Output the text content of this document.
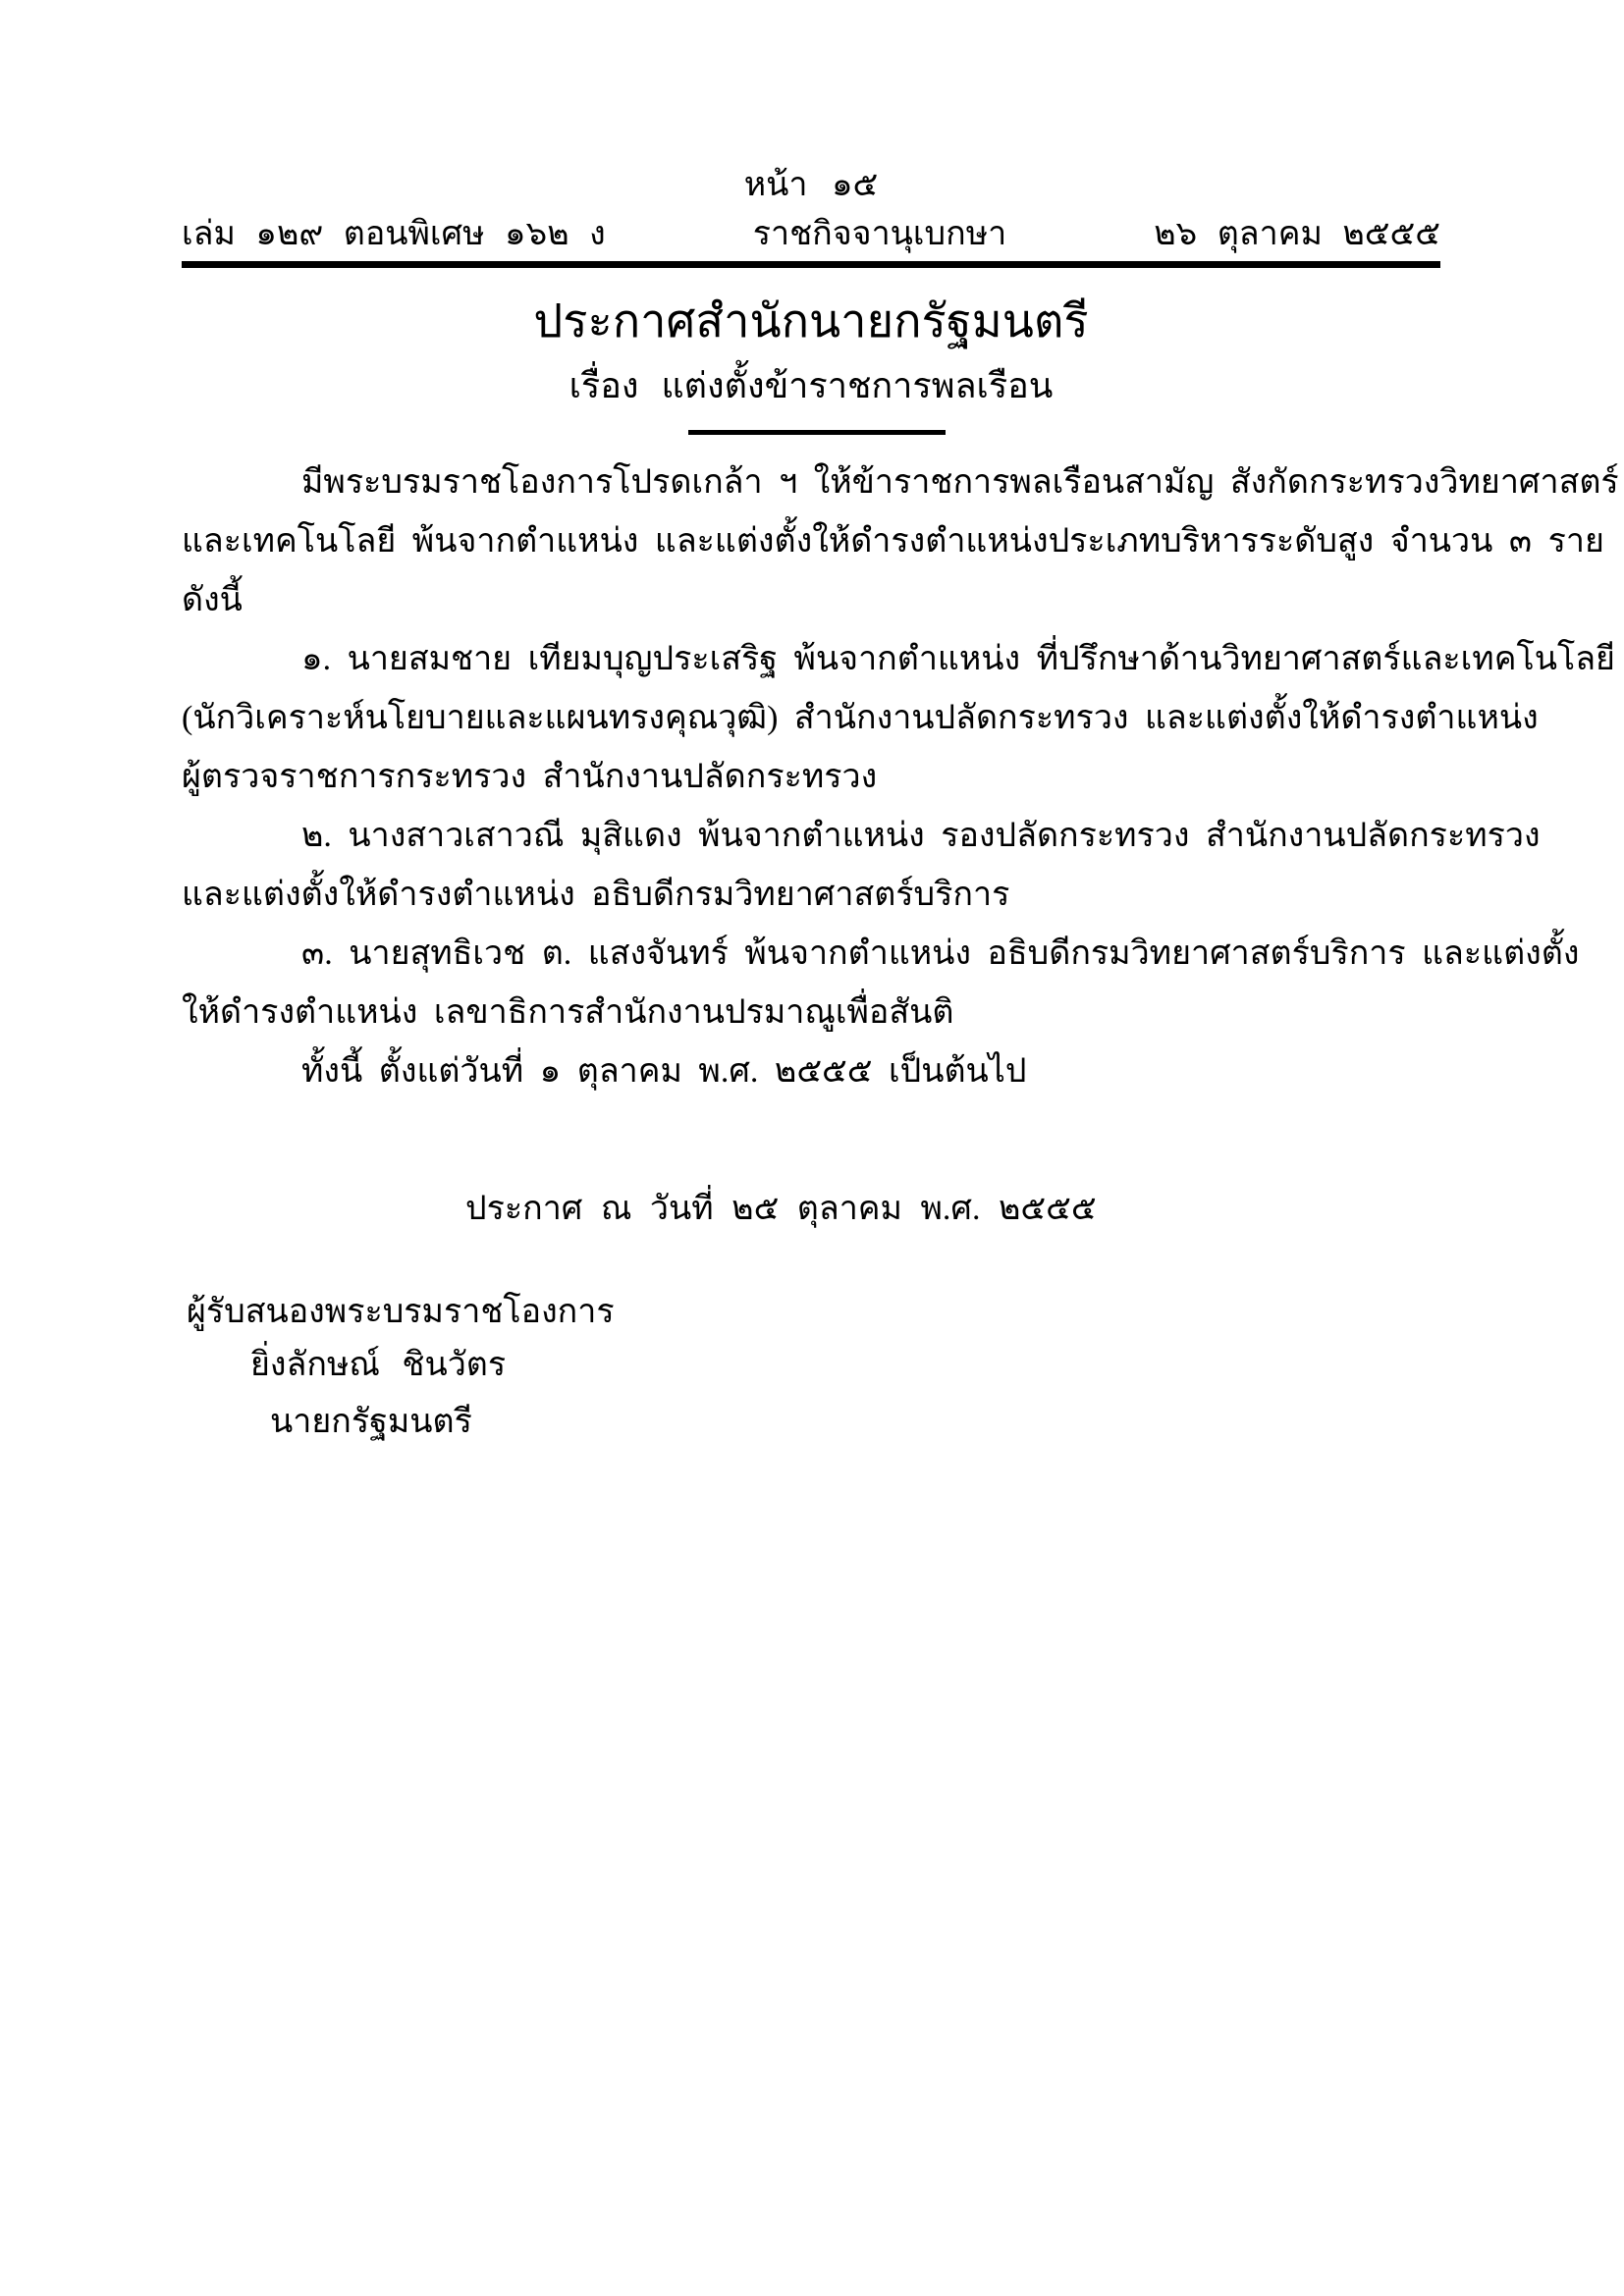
หน้า ๑๕
เล่ม ๑๒๙ ตอนพิเศษ ๑๖๒ ง	ราชกิจจานุเบกษา	๒๖ ตุลาคม ๒๕๕๕
ประกาศสำนักนายกรัฐมนตรี
เรื่อง แต่งตั้งข้าราชการพลเรือน
มีพระบรมราชโองการโปรดเกล้า ฯ ให้ข้าราชการพลเรือนสามัญ สังกัดกระทรวงวิทยาศาสตร์
และเทคโนโลยี พ้นจากตำแหน่ง และแต่งตั้งให้ดำรงตำแหน่งประเภทบริหารระดับสูง จำนวน ๓ ราย
ดังนี้
๑. นายสมชาย เทียมบุญประเสริฐ พ้นจากตำแหน่ง ที่ปรึกษาด้านวิทยาศาสตร์และเทคโนโลยี
(นักวิเคราะห์นโยบายและแผนทรงคุณวุฒิ) สำนักงานปลัดกระทรวง และแต่งตั้งให้ดำรงตำแหน่ง
ผู้ตรวจราชการกระทรวง สำนักงานปลัดกระทรวง
๒. นางสาวเสาวณี มุสิแดง พ้นจากตำแหน่ง รองปลัดกระทรวง สำนักงานปลัดกระทรวง
และแต่งตั้งให้ดำรงตำแหน่ง อธิบดีกรมวิทยาศาสตร์บริการ
๓. นายสุทธิเวช ต. แสงจันทร์ พ้นจากตำแหน่ง อธิบดีกรมวิทยาศาสตร์บริการ และแต่งตั้ง
ให้ดำรงตำแหน่ง เลขาธิการสำนักงานปรมาณูเพื่อสันติ
ทั้งนี้ ตั้งแต่วันที่ ๑ ตุลาคม พ.ศ. ๒๕๕๕ เป็นต้นไป
ประกาศ ณ วันที่ ๒๕ ตุลาคม พ.ศ. ๒๕๕๕
ผู้รับสนองพระบรมราชโองการ
ยิ่งลักษณ์ ชินวัตร
นายกรัฐมนตรี
